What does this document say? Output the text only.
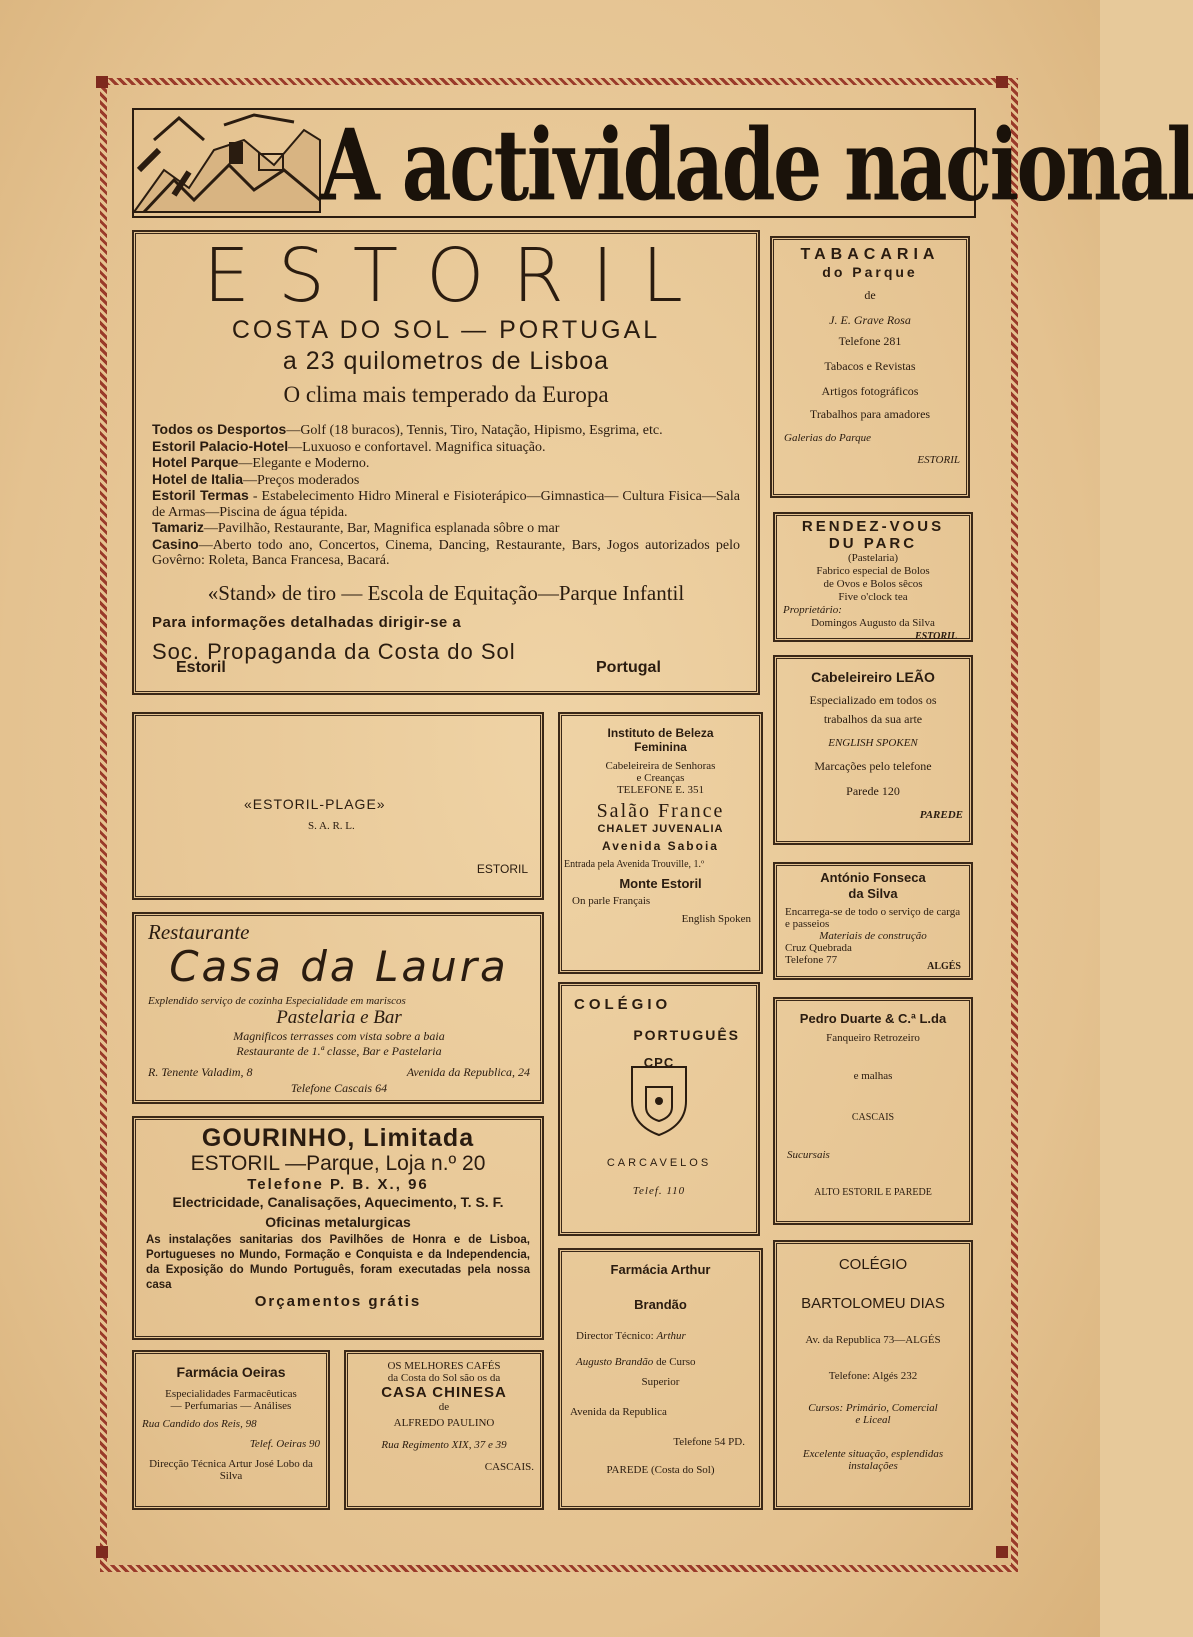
A actividade nacional
ESTORIL
COSTA DO SOL — PORTUGAL
a 23 quilometros de Lisboa
O clima mais temperado da Europa
Todos os Desportos—Golf (18 buracos), Tennis, Tiro, Natação, Hipismo, Esgrima, etc.
Estoril Palacio-Hotel—Luxuoso e confortavel. Magnifica situação.
Hotel Parque—Elegante e Moderno.
Hotel de Italia—Preços moderados
Estoril Termas - Estabelecimento Hidro Mineral e Fisioterápico—Gimnastica— Cultura Fisica—Sala de Armas—Piscina de água tépida.
Tamariz—Pavilhão, Restaurante, Bar, Magnifica esplanada sôbre o mar
Casino—Aberto todo ano, Concertos, Cinema, Dancing, Restaurante, Bars, Jogos autorizados pelo Govêrno: Roleta, Banca Francesa, Bacará.
«Stand» de tiro — Escola de Equitação—Parque Infantil
Para informações detalhadas dirigir-se a
Soc. Propaganda da Costa do Sol
Estoril	Portugal
TABACARIA
do Parque
de
J. E. Grave Rosa
Telefone 281
Tabacos e Revistas
Artigos fotográficos
Trabalhos para amadores
Galerias do Parque
ESTORIL
RENDEZ-VOUS
DU PARC
(Pastelaria)
Fabrico especial de Bolos
de Ovos e Bolos sêcos
Five o'clock tea
Proprietário:
Domingos Augusto da Silva
ESTORIL
Cabeleireiro LEÃO
Especializado em todos os
trabalhos da sua arte
ENGLISH SPOKEN
Marcações pelo telefone
Parede 120
PAREDE
António Fonseca
da Silva
Encarrega-se de todo o serviço de carga e passeios
Materiais de construção
Cruz Quebrada
Telefone 77
ALGÉS
Pedro Duarte & C.ª L.da
Fanqueiro Retrozeiro
e malhas
CASCAIS
Sucursais
ALTO ESTORIL E PAREDE
COLÉGIO
BARTOLOMEU DIAS
Av. da Republica 73—ALGÉS
Telefone: Algés 232
Cursos: Primário, Comercial
e Liceal
Excelente situação, esplendidas instalações
Instituto de Beleza
Feminina
Cabeleireira de Senhoras
e Creanças
TELEFONE E. 351
Salão France
CHALET JUVENALIA
Avenida Saboia
Entrada pela Avenida Trouville, 1.º
Monte Estoril
On parle Français
English Spoken
COLÉGIO
PORTUGUÊS
CPC
CARCAVELOS
Telef. 110
Farmácia Arthur
Brandão
Director Técnico: Arthur
Augusto Brandão de Curso
Superior
Avenida da Republica
Telefone 54 PD.
PAREDE (Costa do Sol)
«ESTORIL-PLAGE»
S. A. R. L.
ESTORIL
Restaurante
Casa da Laura
Explendido serviço de cozinha Especialidade em mariscos
Pastelaria e Bar
Magnificos terrasses com vista sobre a baia
Restaurante de 1.ª classe, Bar e Pastelaria
R. Tenente Valadim, 8	Avenida da Republica, 24
Telefone Cascais 64
GOURINHO, Limitada
ESTORIL —Parque, Loja n.º 20
Telefone P. B. X., 96
Electricidade, Canalisações, Aquecimento, T. S. F.
Oficinas metalurgicas
As instalações sanitarias dos Pavilhões de Honra e de Lisboa, Portugueses no Mundo, Formação e Conquista e da Independencia, da Exposição do Mundo Português, foram executadas pela nossa casa
Orçamentos grátis
Farmácia Oeiras
Especialidades Farmacêuticas
— Perfumarias — Análises
Rua Candido dos Reis, 98
Telef. Oeiras 90
Direcção Técnica Artur José Lobo da Silva
OS MELHORES CAFÉS
da Costa do Sol são os da
CASA CHINESA
de
ALFREDO PAULINO
Rua Regimento XIX, 37 e 39
CASCAIS.
